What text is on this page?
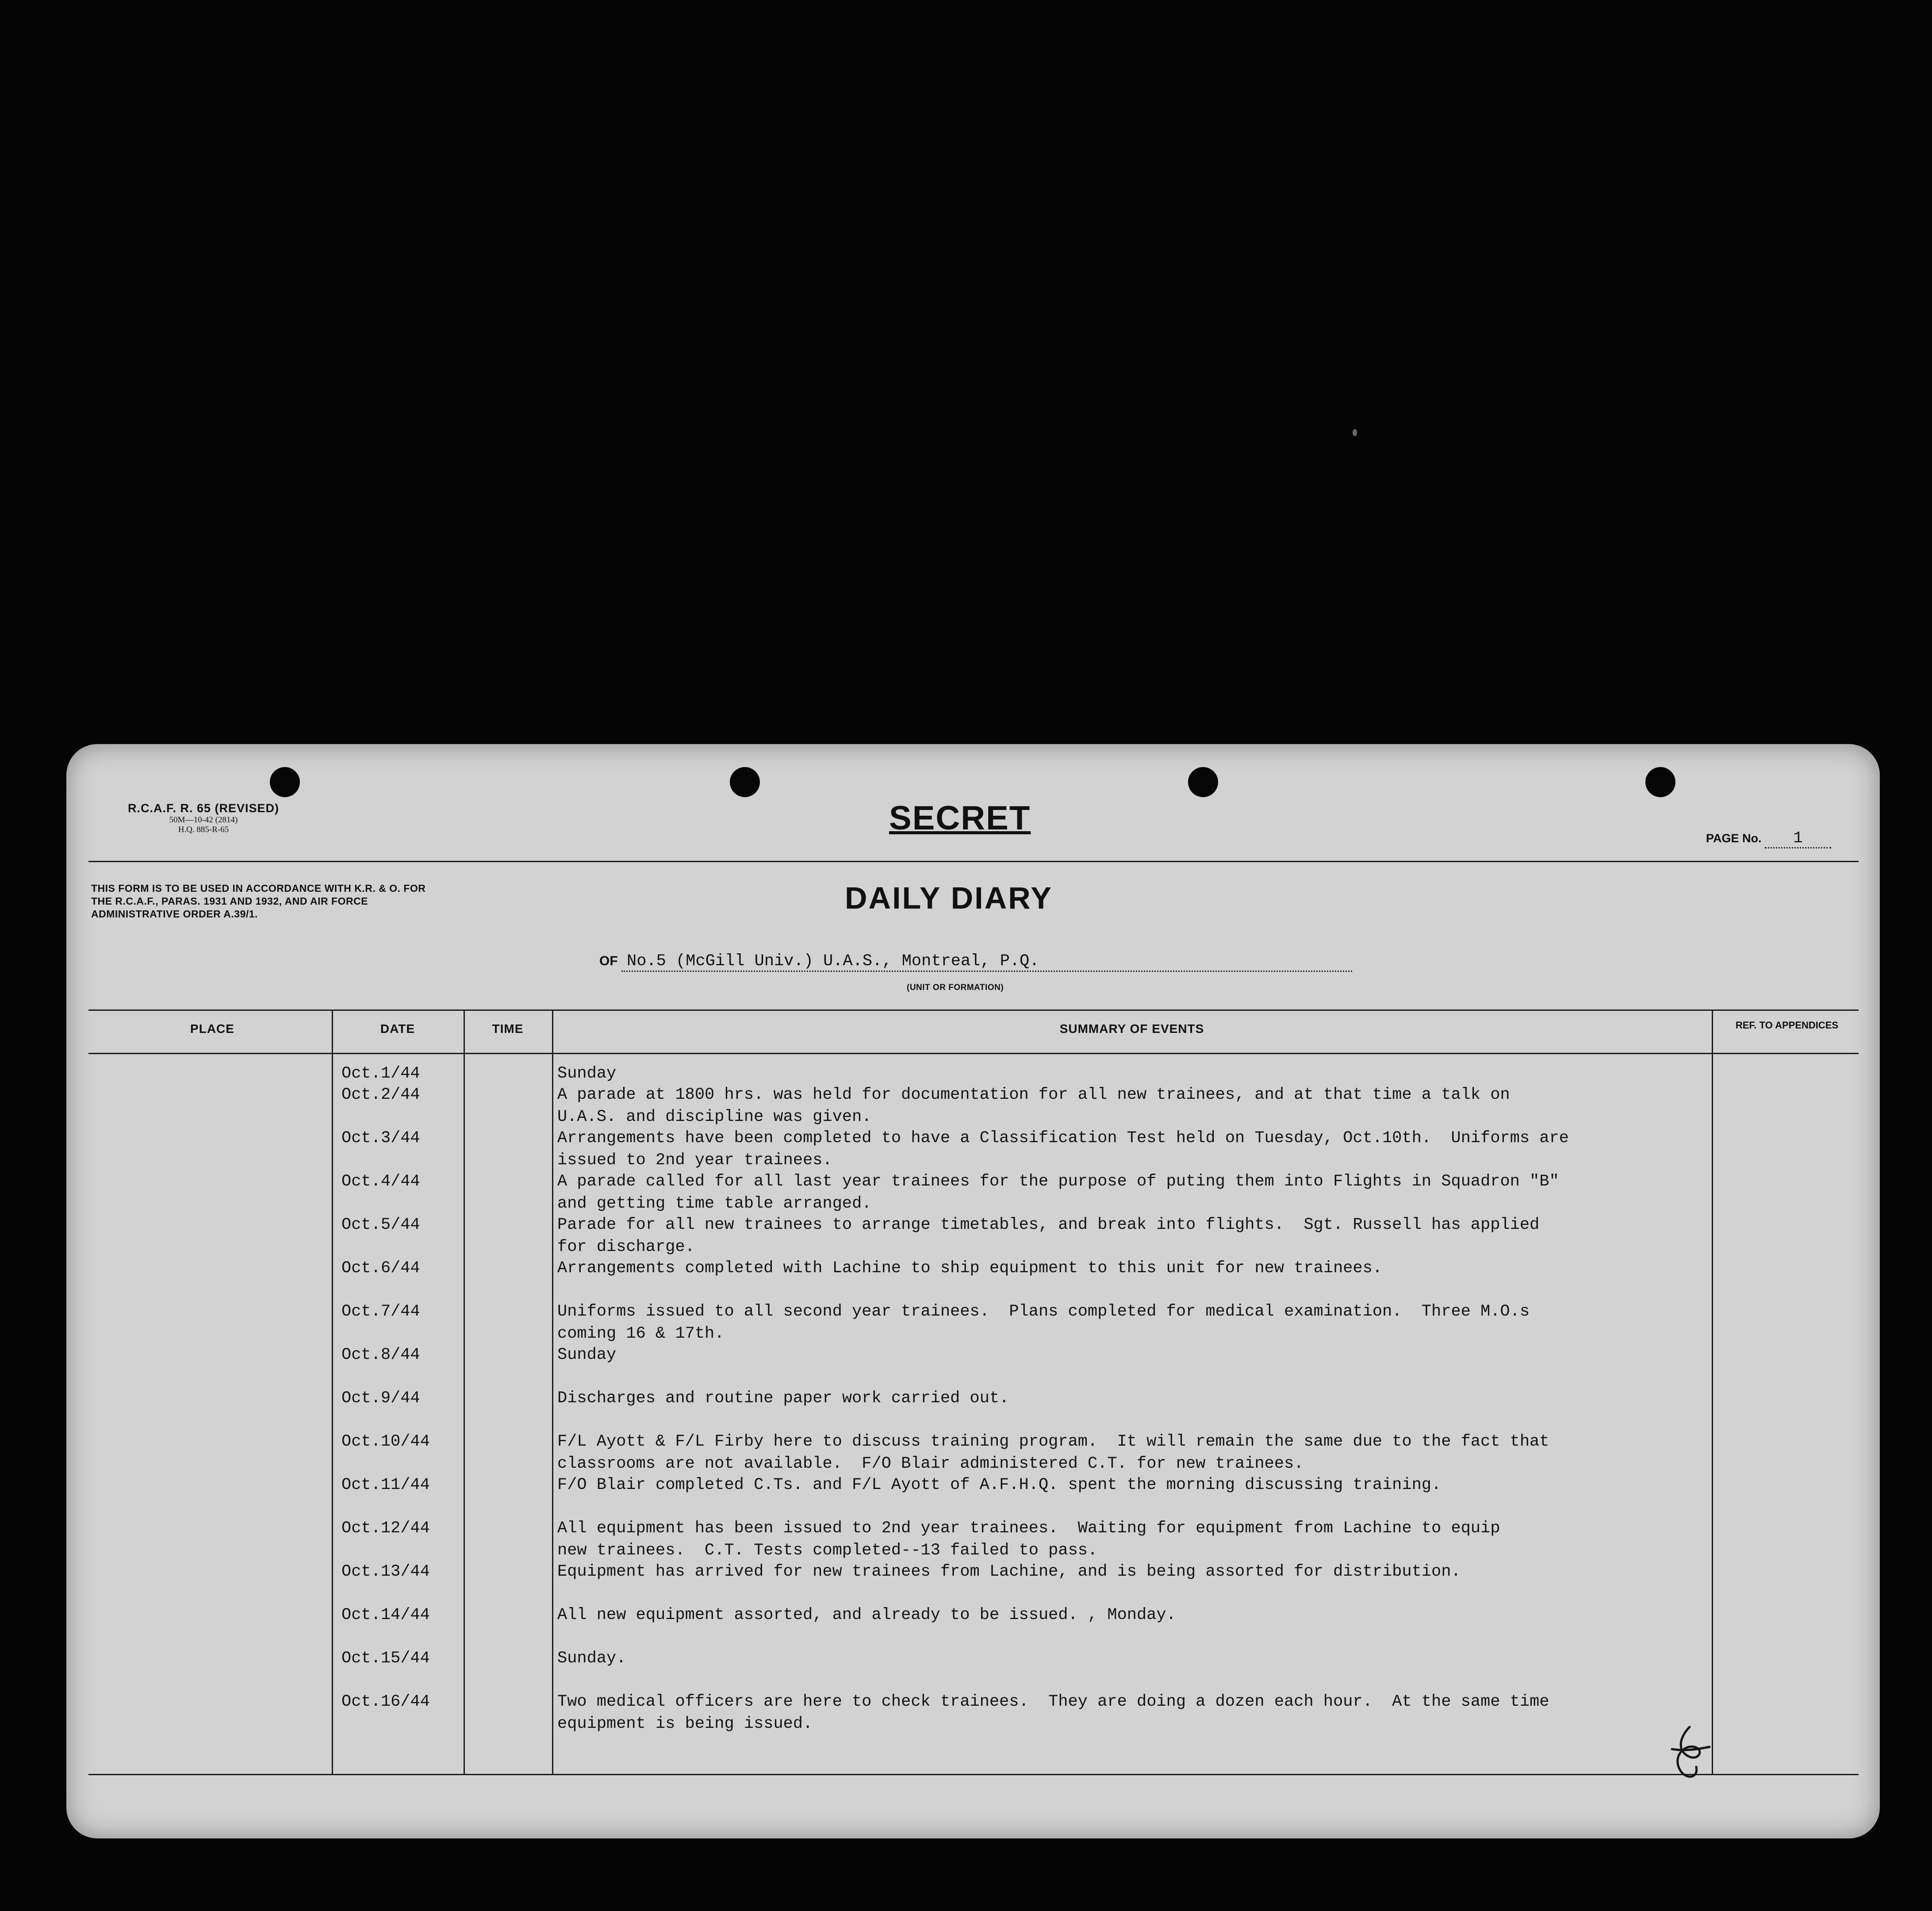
R.C.A.F. R. 65 (REVISED)
50M—10-42 (2814)
H.Q. 885-R-65	SECRET
PAGE No. 1
THIS FORM IS TO BE USED IN ACCORDANCE WITH K.R. & O. FOR THE R.C.A.F., PARAS. 1931 AND 1932, AND AIR FORCE ADMINISTRATIVE ORDER A.39/1.	DAILY DIARY
OF No.5 (McGill Univ.) U.A.S., Montreal, P.Q.
(UNIT OR FORMATION)
PLACE	DATE	TIME	SUMMARY OF EVENTS	REF. TO APPENDICES
Oct.1/44	Sunday
Oct.2/44	A parade at 1800 hrs. was held for documentation for all new trainees, and at that time a talk on
U.A.S. and discipline was given.
Oct.3/44	Arrangements have been completed to have a Classification Test held on Tuesday, Oct.10th.  Uniforms are
issued to 2nd year trainees.
Oct.4/44	A parade called for all last year trainees for the purpose of puting them into Flights in Squadron "B"
and getting time table arranged.
Oct.5/44	Parade for all new trainees to arrange timetables, and break into flights.  Sgt. Russell has applied
for discharge.
Oct.6/44	Arrangements completed with Lachine to ship equipment to this unit for new trainees.
Oct.7/44	Uniforms issued to all second year trainees.  Plans completed for medical examination.  Three M.O.s
coming 16 & 17th.
Oct.8/44	Sunday
Oct.9/44	Discharges and routine paper work carried out.
Oct.10/44	F/L Ayott & F/L Firby here to discuss training program.  It will remain the same due to the fact that
classrooms are not available.  F/O Blair administered C.T. for new trainees.
Oct.11/44	F/O Blair completed C.Ts. and F/L Ayott of A.F.H.Q. spent the morning discussing training.
Oct.12/44	All equipment has been issued to 2nd year trainees.  Waiting for equipment from Lachine to equip
new trainees.  C.T. Tests completed--13 failed to pass.
Oct.13/44	Equipment has arrived for new trainees from Lachine, and is being assorted for distribution.
Oct.14/44	All new equipment assorted, and already to be issued. , Monday.
Oct.15/44	Sunday.
Oct.16/44	Two medical officers are here to check trainees.  They are doing a dozen each hour.  At the same time
equipment is being issued.
